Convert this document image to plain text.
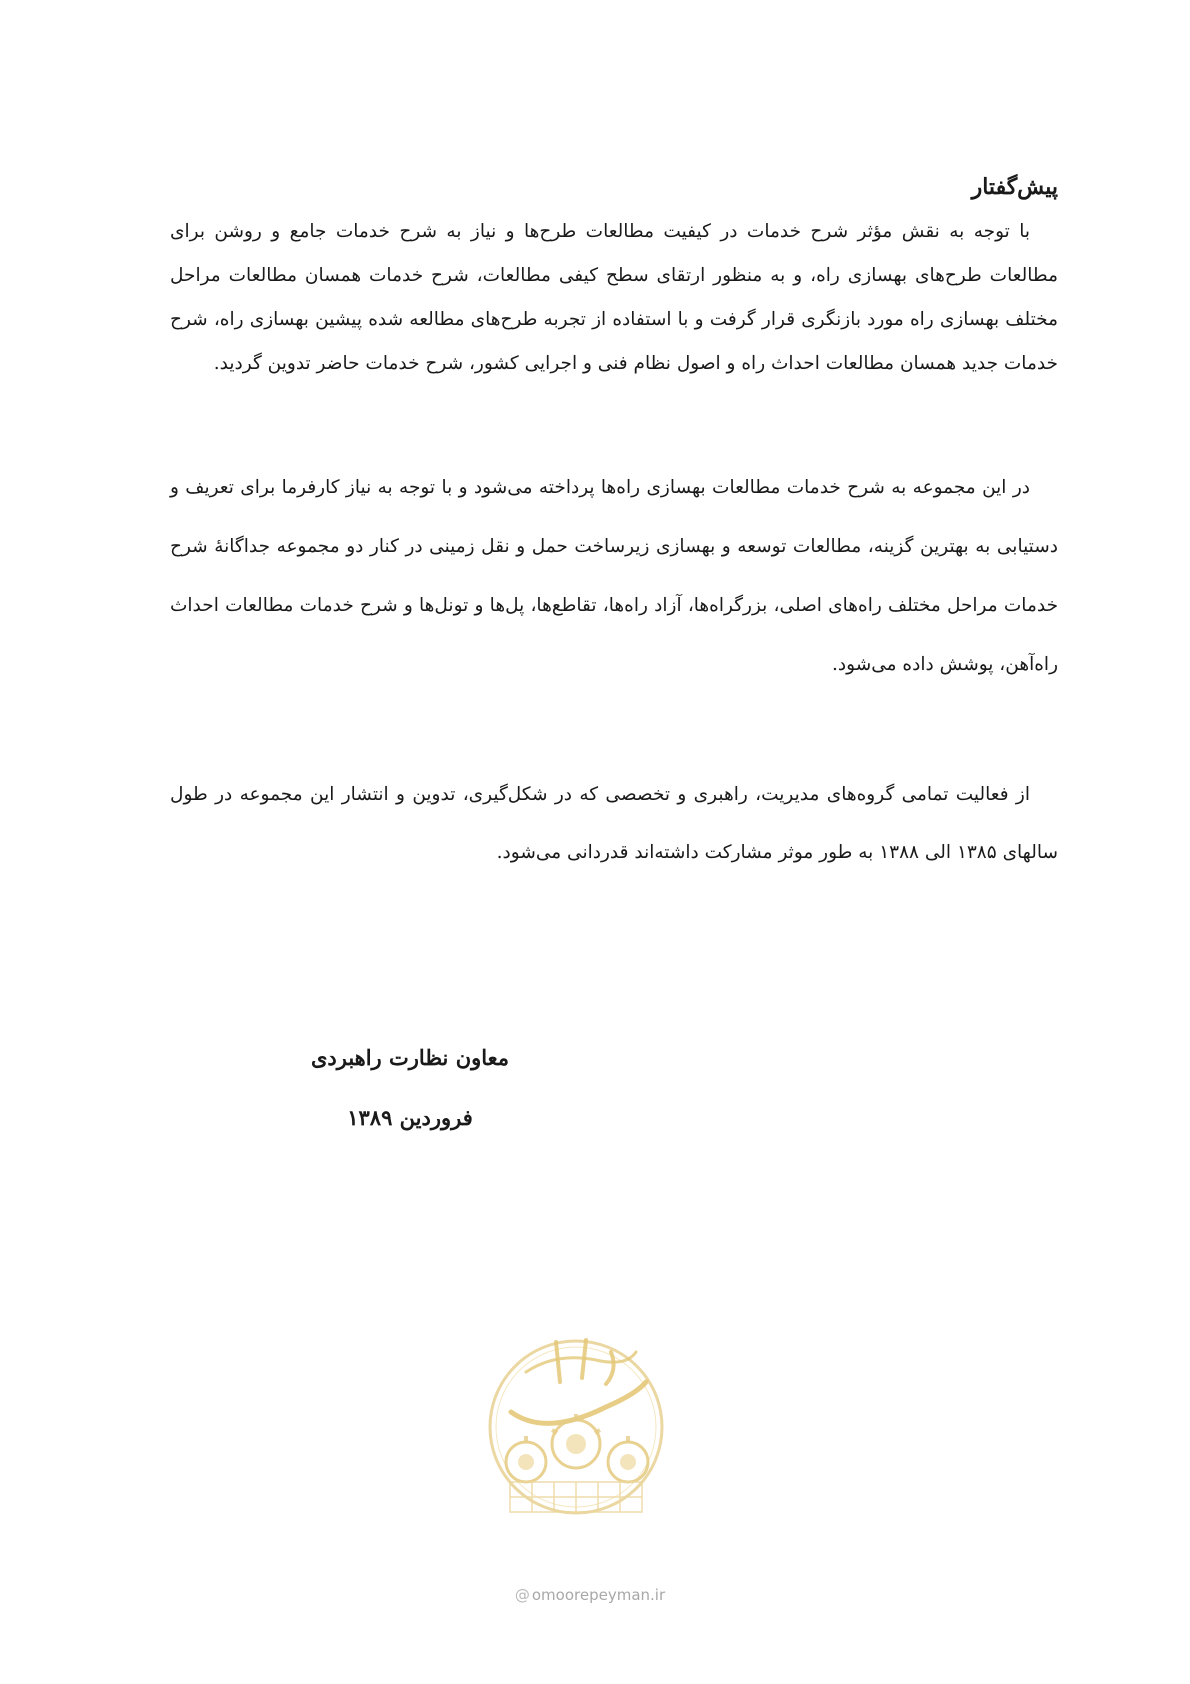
پیش‌گفتار

با توجه به نقش مؤثر شرح خدمات در کیفیت مطالعات طرح‌ها و نیاز به شرح خدمات جامع و روشن برای مطالعات طرح‌های بهسازی راه، و به منظور ارتقای سطح کیفی مطالعات، شرح خدمات همسان مطالعات مراحل مختلف بهسازی راه مورد بازنگری قرار گرفت و با استفاده از تجربه طرح‌های مطالعه شده پیشین بهسازی راه، شرح خدمات جدید همسان مطالعات احداث راه و اصول نظام فنی و اجرایی کشور، شرح خدمات حاضر تدوین گردید.

در این مجموعه به شرح خدمات مطالعات بهسازی راه‌ها پرداخته می‌شود و با توجه به نیاز کارفرما برای تعریف و دستیابی به بهترین گزینه، مطالعات توسعه و بهسازی زیرساخت حمل و نقل زمینی در کنار دو مجموعه جداگانهٔ شرح خدمات مراحل مختلف راه‌های اصلی، بزرگراه‌ها، آزاد راه‌ها، تقاطع‌ها، پل‌ها و تونل‌ها و شرح خدمات مطالعات احداث راه‌آهن، پوشش داده می‌شود.

از فعالیت تمامی گروه‌های مدیریت، راهبری و تخصصی که در شکل‌گیری، تدوین و انتشار این مجموعه در طول سالهای ۱۳۸۵ الی ۱۳۸۸ به طور موثر مشارکت داشته‌اند قدردانی می‌شود.

معاون نظارت راهبردی
فروردین ۱۳۸۹
@ omoorepeyman.ir
